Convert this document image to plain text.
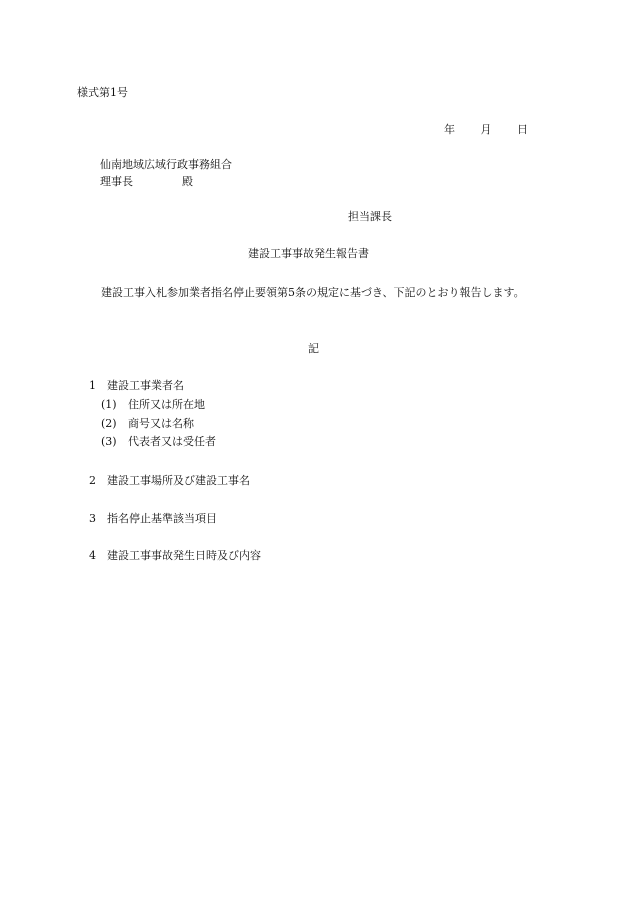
様式第1号
年 月 日
仙南地域広域行政事務組合
理事長	殿
担当課長
建設工事事故発生報告書
建設工事入札参加業者指名停止要領第5条の規定に基づき、下記のとおり報告します。
記
1 建設工事業者名
(1) 住所又は所在地
(2) 商号又は名称
(3) 代表者又は受任者
2 建設工事場所及び建設工事名
3 指名停止基準該当項目
4 建設工事事故発生日時及び内容
